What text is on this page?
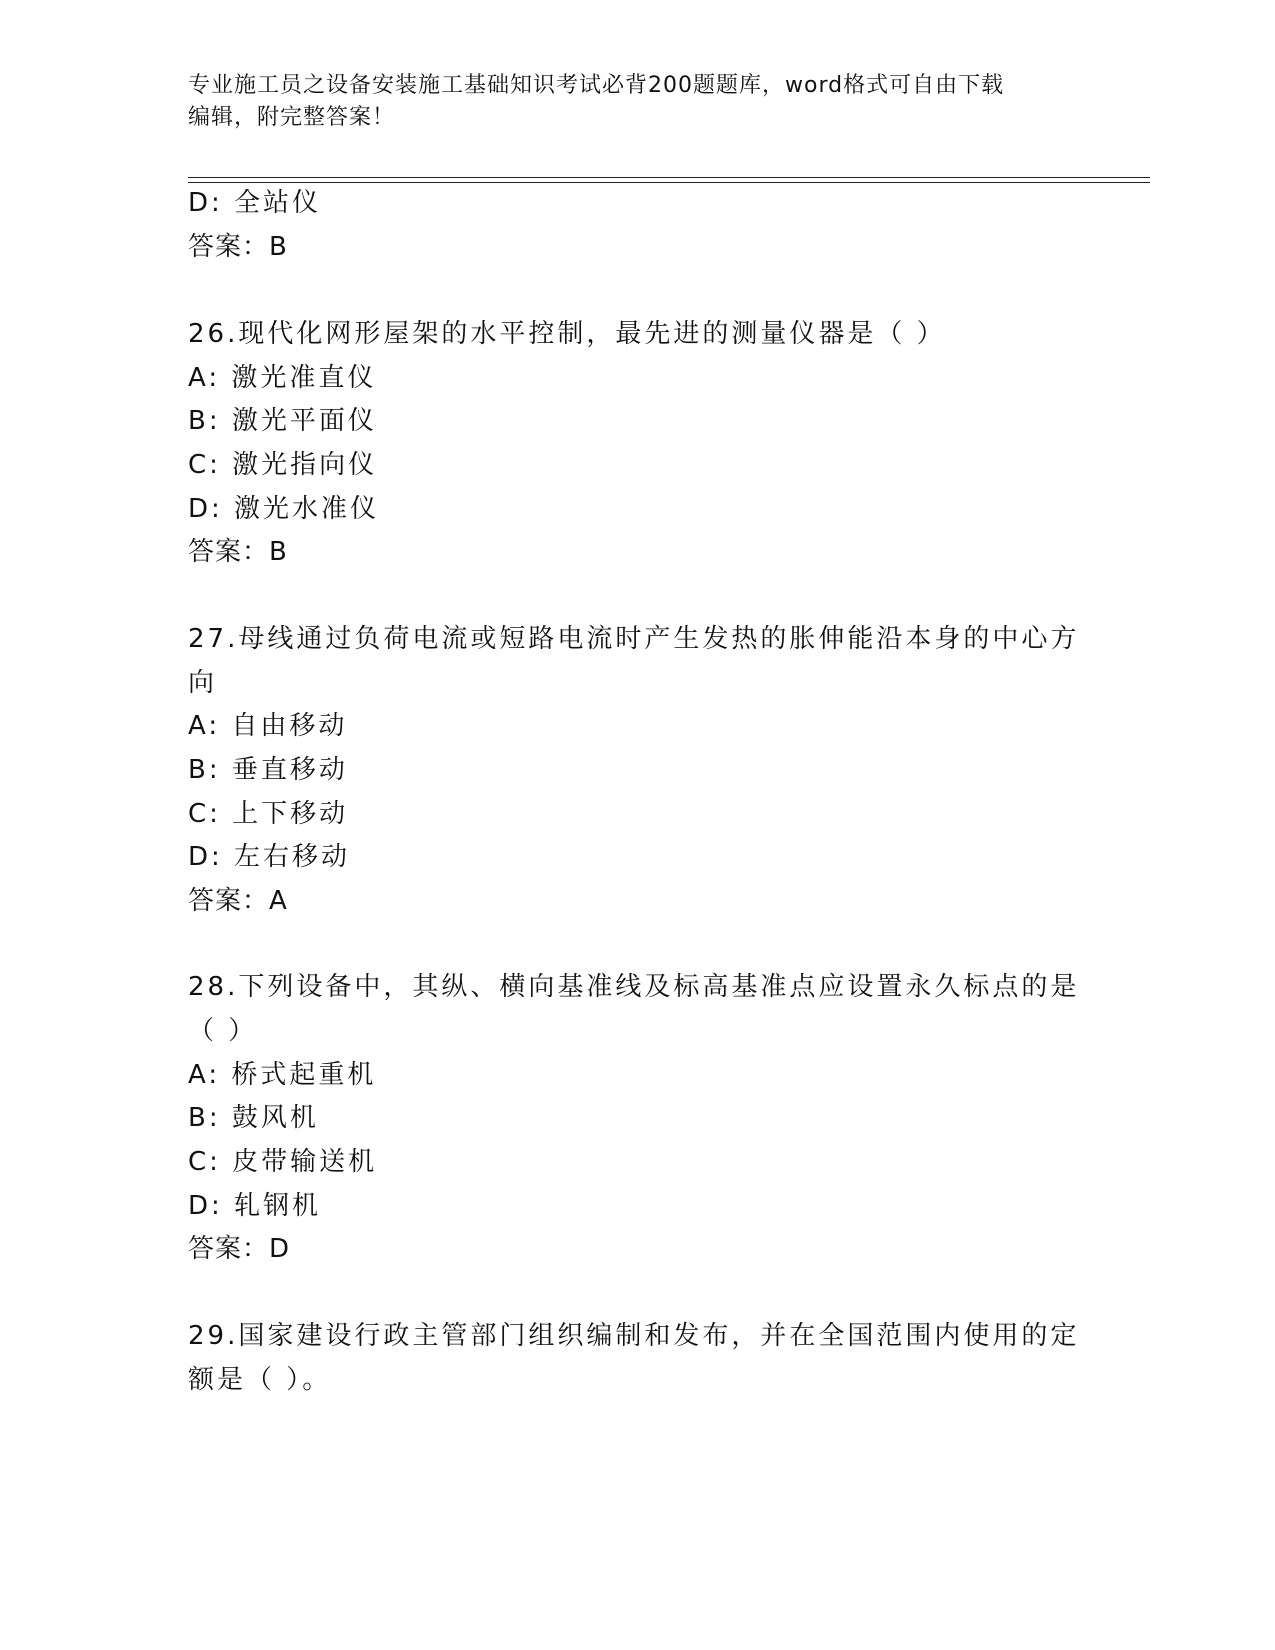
专业施工员之设备安装施工基础知识考试必背200题题库，word格式可自由下载
编辑，附完整答案！
D: 全站仪
答案：B
26.现代化网形屋架的水平控制，最先进的测量仪器是（ ）
A: 激光准直仪
B: 激光平面仪
C: 激光指向仪
D: 激光水准仪
答案：B
27.母线通过负荷电流或短路电流时产生发热的胀伸能沿本身的中心方
向
A: 自由移动
B: 垂直移动
C: 上下移动
D: 左右移动
答案：A
28.下列设备中，其纵、横向基准线及标高基准点应设置永久标点的是
（ ）
A: 桥式起重机
B: 鼓风机
C: 皮带输送机
D: 轧钢机
答案：D
29.国家建设行政主管部门组织编制和发布，并在全国范围内使用的定
额是（ ）。
